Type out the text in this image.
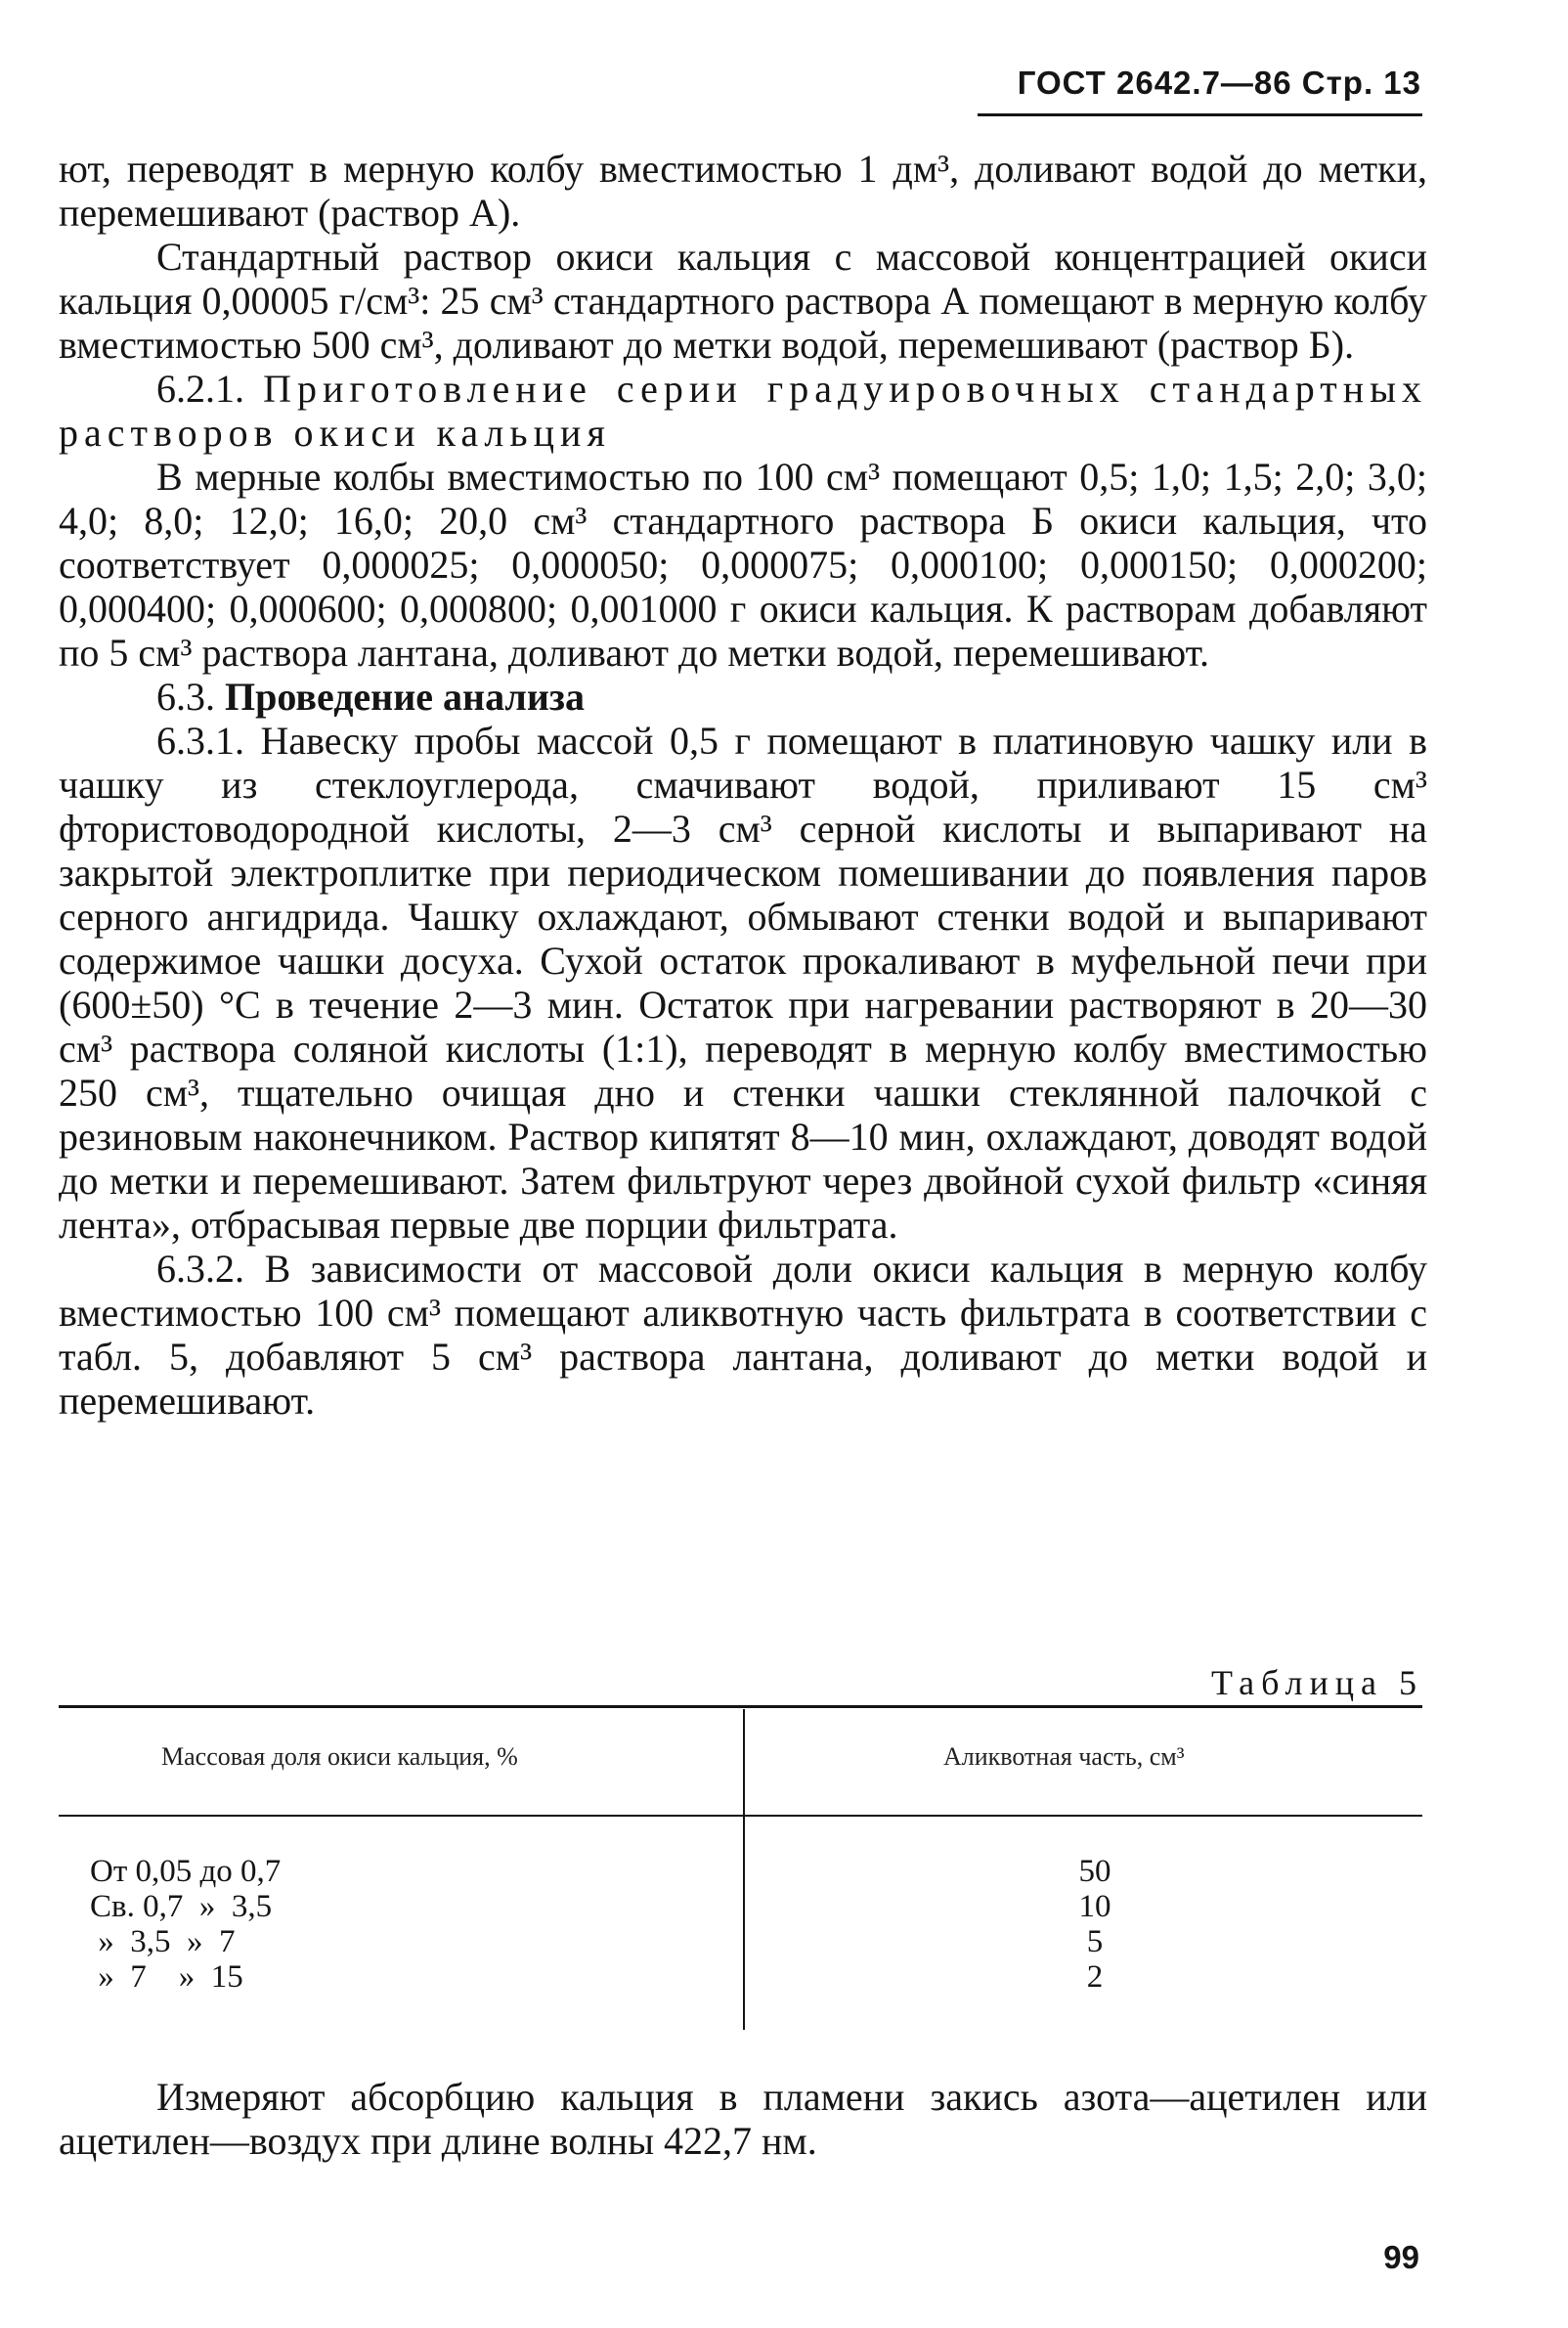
ГОСТ 2642.7—86 Стр. 13

ют, переводят в мерную колбу вместимостью 1 дм³, доливают водой до метки, перемешивают (раствор А).

Стандартный раствор окиси кальция с массовой концентрацией окиси кальция 0,00005 г/см³: 25 см³ стандартного раствора А помещают в мерную колбу вместимостью 500 см³, доливают до метки водой, перемешивают (раствор Б).

6.2.1. Приготовление серии градуировочных стандартных растворов окиси кальция

В мерные колбы вместимостью по 100 см³ помещают 0,5; 1,0; 1,5; 2,0; 3,0; 4,0; 8,0; 12,0; 16,0; 20,0 см³ стандартного раствора Б окиси кальция, что соответствует 0,000025; 0,000050; 0,000075; 0,000100; 0,000150; 0,000200; 0,000400; 0,000600; 0,000800; 0,001000 г окиси кальция. К растворам добавляют по 5 см³ раствора лантана, доливают до метки водой, перемешивают.

6.3. Проведение анализа

6.3.1. Навеску пробы массой 0,5 г помещают в платиновую чашку или в чашку из стеклоуглерода, смачивают водой, приливают 15 см³ фтористоводородной кислоты, 2—3 см³ серной кислоты и выпаривают на закрытой электроплитке при периодическом помешивании до появления паров серного ангидрида. Чашку охлаждают, обмывают стенки водой и выпаривают содержимое чашки досуха. Сухой остаток прокаливают в муфельной печи при (600±50) °С в течение 2—3 мин. Остаток при нагревании растворяют в 20—30 см³ раствора соляной кислоты (1:1), переводят в мерную колбу вместимостью 250 см³, тщательно очищая дно и стенки чашки стеклянной палочкой с резиновым наконечником. Раствор кипятят 8—10 мин, охлаждают, доводят водой до метки и перемешивают. Затем фильтруют через двойной сухой фильтр «синяя лента», отбрасывая первые две порции фильтрата.

6.3.2. В зависимости от массовой доли окиси кальция в мерную колбу вместимостью 100 см³ помещают аликвотную часть фильтрата в соответствии с табл. 5, добавляют 5 см³ раствора лантана, доливают до метки водой и перемешивают.

Таблица 5
Массовая доля окиси кальция, %	Аликвотная часть, см³
От 0,05 до 0,7	50
Св. 0,7  »  3,5	10
»  3,5  »  7	5
»  7    »  15	2

Измеряют абсорбцию кальция в пламени закись азота—ацетилен или ацетилен—воздух при длине волны 422,7 нм.

99
